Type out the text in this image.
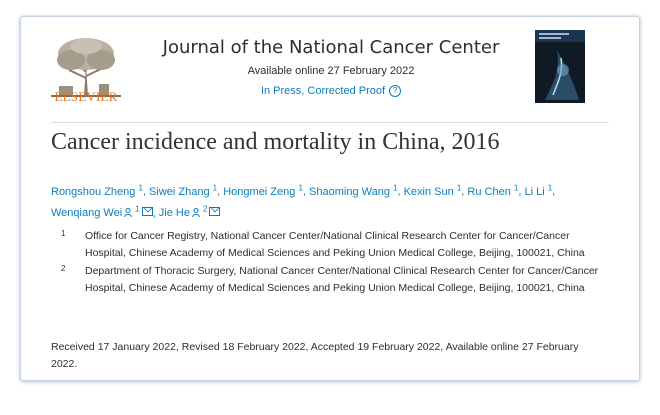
ELSEVIER
Journal of the National Cancer Center
Available online 27 February 2022
In Press, Corrected Proof ?
Cancer incidence and mortality in China, 2016
Rongshou Zheng $^1$, Siwei Zhang $^1$, Hongmei Zeng $^1$, Shaoming Wang $^1$, Kexin Sun $^1$, Ru Chen $^1$, Li Li $^1$, Wenqiang Wei $^1$ , Jie He $^2$
1 Office for Cancer Registry, National Cancer Center/National Clinical Research Center for Cancer/Cancer Hospital, Chinese Academy of Medical Sciences and Peking Union Medical College, Beijing, 100021, China
2 Department of Thoracic Surgery, National Cancer Center/National Clinical Research Center for Cancer/Cancer Hospital, Chinese Academy of Medical Sciences and Peking Union Medical College, Beijing, 100021, China
Received 17 January 2022, Revised 18 February 2022, Accepted 19 February 2022, Available online 27 February 2022.
